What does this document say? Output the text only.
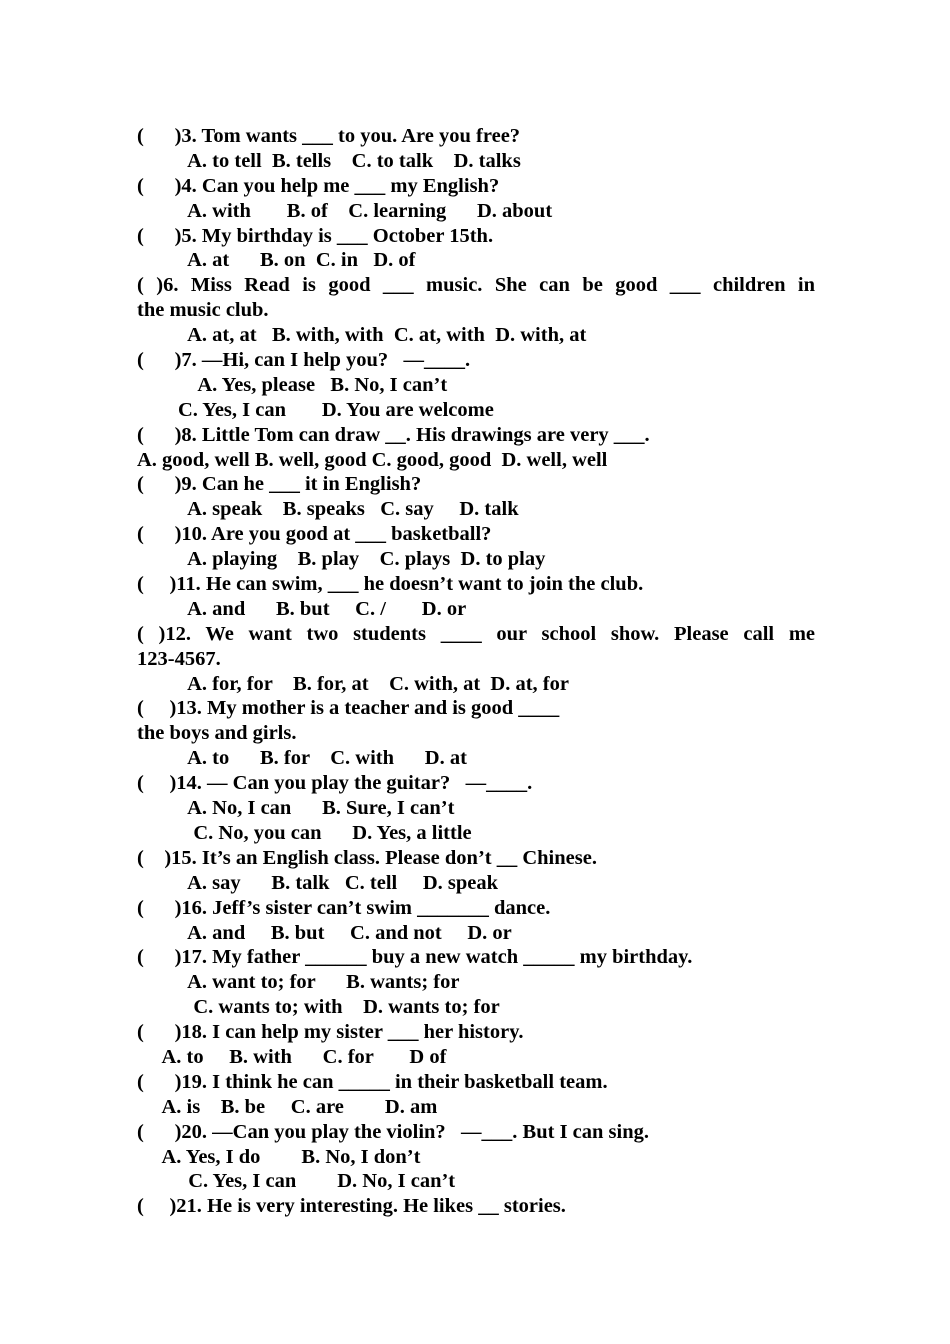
(      )3. Tom wants ___ to you. Are you free?
A. to tell  B. tells    C. to talk    D. talks
(      )4. Can you help me ___ my English?
A. with       B. of    C. learning      D. about
(      )5. My birthday is ___ October 15th.
A. at      B. on  C. in   D. of
( )6. Miss Read is good ___ music. She can be good ___ children in
the music club.
A. at, at   B. with, with  C. at, with  D. with, at
(      )7. —Hi, can I help you?   —____.
A. Yes, please   B. No, I can’t
C. Yes, I can       D. You are welcome
(      )8. Little Tom can draw __. His drawings are very ___.
A. good, well B. well, good C. good, good  D. well, well
(      )9. Can he ___ it in English?
A. speak    B. speaks   C. say     D. talk
(      )10. Are you good at ___ basketball?
A. playing    B. play    C. plays  D. to play
(     )11. He can swim, ___ he doesn’t want to join the club.
A. and      B. but     C. /       D. or
( )12. We want two students ____ our school show. Please call me
123-4567.
A. for, for    B. for, at    C. with, at  D. at, for
(     )13. My mother is a teacher and is good ____
the boys and girls.
A. to      B. for    C. with      D. at
(     )14. — Can you play the guitar?   —____.
A. No, I can      B. Sure, I can’t
C. No, you can      D. Yes, a little
(    )15. It’s an English class. Please don’t __ Chinese.
A. say      B. talk   C. tell     D. speak
(      )16. Jeff’s sister can’t swim _______ dance.
A. and     B. but     C. and not     D. or
(      )17. My father ______ buy a new watch _____ my birthday.
A. want to; for      B. wants; for
C. wants to; with    D. wants to; for
(      )18. I can help my sister ___ her history.
A. to     B. with      C. for       D of
(      )19. I think he can _____ in their basketball team.
A. is    B. be     C. are        D. am
(      )20. —Can you play the violin?   —___. But I can sing.
A. Yes, I do        B. No, I don’t
C. Yes, I can        D. No, I can’t
(     )21. He is very interesting. He likes __ stories.
